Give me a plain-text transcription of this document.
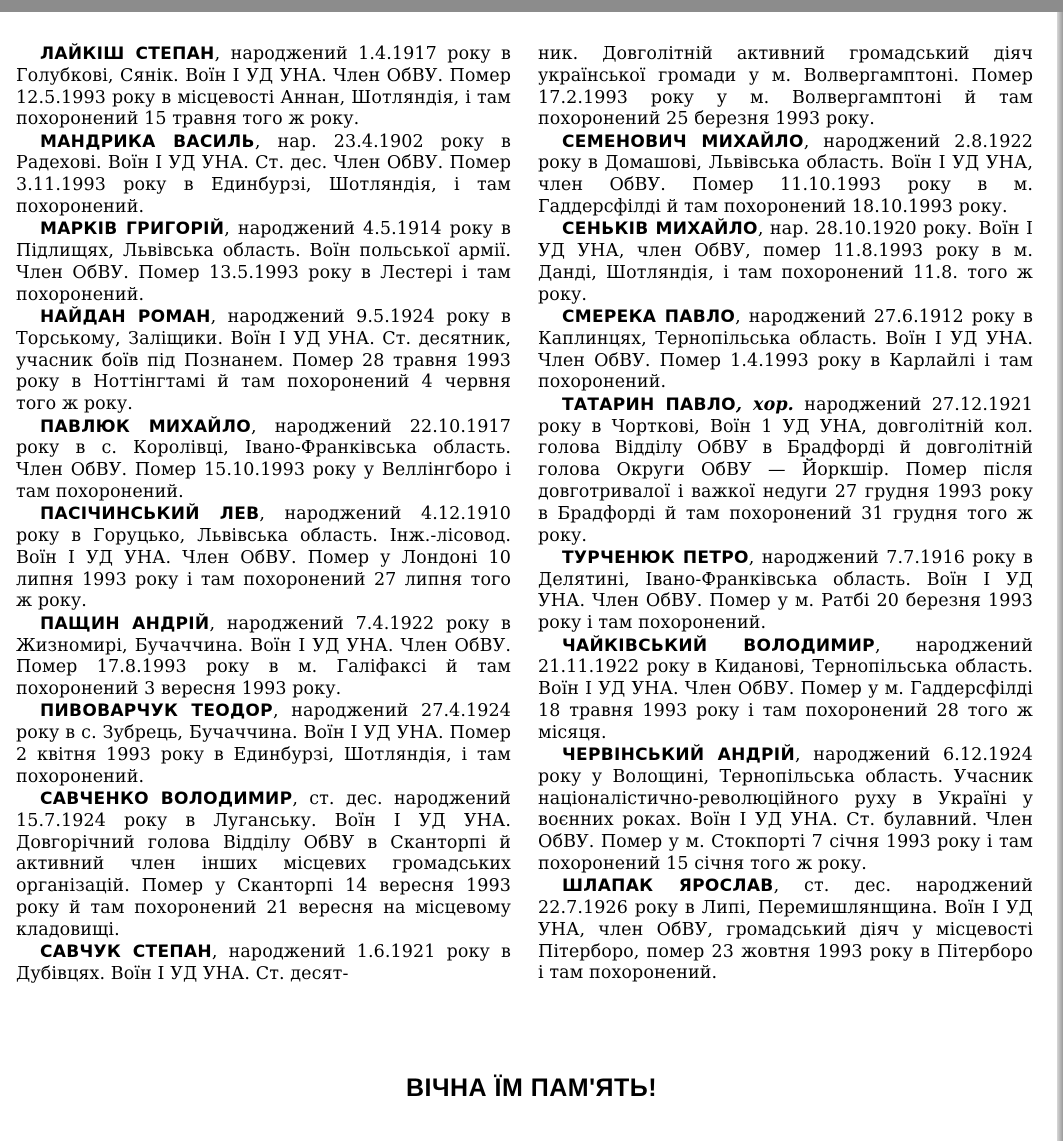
ЛАЙКІШ СТЕПАН, народжений 1.4.1917 року в Голубкові, Сянік. Воїн І УД УНА. Член ОбВУ. Помер 12.5.1993 року в місцевості Аннан, Шотляндія, і там похоронений 15 травня того ж року.

МАНДРИКА ВАСИЛЬ, нар. 23.4.1902 року в Радехові. Воїн І УД УНА. Ст. дес. Член ОбВУ. Помер 3.11.1993 року в Единбурзі, Шотляндія, і там похоронений.

МАРКІВ ГРИГОРІЙ, народжений 4.5.1914 року в Підлищях, Львівська область. Воїн польської армії. Член ОбВУ. Помер 13.5.1993 року в Лестері і там похоронений.

НАЙДАН РОМАН, народжений 9.5.1924 року в Торському, Заліщики. Воїн І УД УНА. Ст. десятник, учасник боїв під Познанем. Помер 28 травня 1993 року в Ноттінгтамі й там похоронений 4 червня того ж року.

ПАВЛЮК МИХАЙЛО, народжений 22.10.1917 року в с. Королівці, Івано-Франківська область. Член ОбВУ. Помер 15.10.1993 року у Веллінгборо і там похоронений.

ПАСІЧИНСЬКИЙ ЛЕВ, народжений 4.12.1910 року в Горуцько, Львівська область. Інж.-лісовод. Воїн І УД УНА. Член ОбВУ. Помер у Лондоні 10 липня 1993 року і там похоронений 27 липня того ж року.

ПАЩИН АНДРІЙ, народжений 7.4.1922 року в Жизномирі, Бучаччина. Воїн І УД УНА. Член ОбВУ. Помер 17.8.1993 року в м. Галіфаксі й там похоронений 3 вересня 1993 року.

ПИВОВАРЧУК ТЕОДОР, народжений 27.4.1924 року в с. Зубрець, Бучаччина. Воїн І УД УНА. Помер 2 квітня 1993 року в Единбурзі, Шотляндія, і там похоронений.

САВЧЕНКО ВОЛОДИМИР, ст. дес. народжений 15.7.1924 року в Луганську. Воїн І УД УНА. Довгорічний голова Відділу ОбВУ в Сканторпі й активний член інших місцевих громадських організацій. Помер у Сканторпі 14 вересня 1993 року й там похоронений 21 вересня на місцевому кладовищі.

САВЧУК СТЕПАН, народжений 1.6.1921 року в Дубівцях. Воїн І УД УНА. Ст. десят-

ник. Довголітній активний громадський діяч української громади у м. Волвергамптоні. Помер 17.2.1993 року у м. Волвергамптоні й там похоронений 25 березня 1993 року.

СЕМЕНОВИЧ МИХАЙЛО, народжений 2.8.1922 року в Домашові, Львівська область. Воїн І УД УНА, член ОбВУ. Помер 11.10.1993 року в м. Гаддерсфілді й там похоронений 18.10.1993 року.

СЕНЬКІВ МИХАЙЛО, нар. 28.10.1920 року. Воїн І УД УНА, член ОбВУ, помер 11.8.1993 року в м. Данді, Шотляндія, і там похоронений 11.8. того ж року.

СМЕРЕКА ПАВЛО, народжений 27.6.1912 року в Каплинцях, Тернопільська область. Воїн І УД УНА. Член ОбВУ. Помер 1.4.1993 року в Карлайлі і там похоронений.

ТАТАРИН ПАВЛО, хор. народжений 27.12.1921 року в Чорткові, Воїн 1 УД УНА, довголітній кол. голова Відділу ОбВУ в Брадфорді й довголітній голова Округи ОбВУ — Йоркшір. Помер після довготривалої і важкої недуги 27 грудня 1993 року в Брадфорді й там похоронений 31 грудня того ж року.

ТУРЧЕНЮК ПЕТРО, народжений 7.7.1916 року в Делятині, Івано-Франківська область. Воїн І УД УНА. Член ОбВУ. Помер у м. Ратбі 20 березня 1993 року і там похоронений.

ЧАЙКІВСЬКИЙ ВОЛОДИМИР, народжений 21.11.1922 року в Киданові, Тернопільська область. Воїн І УД УНА. Член ОбВУ. Помер у м. Гаддерсфілді 18 травня 1993 року і там похоронений 28 того ж місяця.

ЧЕРВІНСЬКИЙ АНДРІЙ, народжений 6.12.1924 року у Волощині, Тернопільська область. Учасник націоналістично-революційного руху в Україні у воєнних роках. Воїн І УД УНА. Ст. булавний. Член ОбВУ. Помер у м. Стокпорті 7 січня 1993 року і там похоронений 15 січня того ж року.

ШЛАПАК ЯРОСЛАВ, ст. дес. народжений 22.7.1926 року в Липі, Перемишлянщина. Воїн І УД УНА, член ОбВУ, громадський діяч у місцевості Пітерборо, помер 23 жовтня 1993 року в Пітерборо і там похоронений.

ВІЧНА ЇМ ПАМ'ЯТЬ!
